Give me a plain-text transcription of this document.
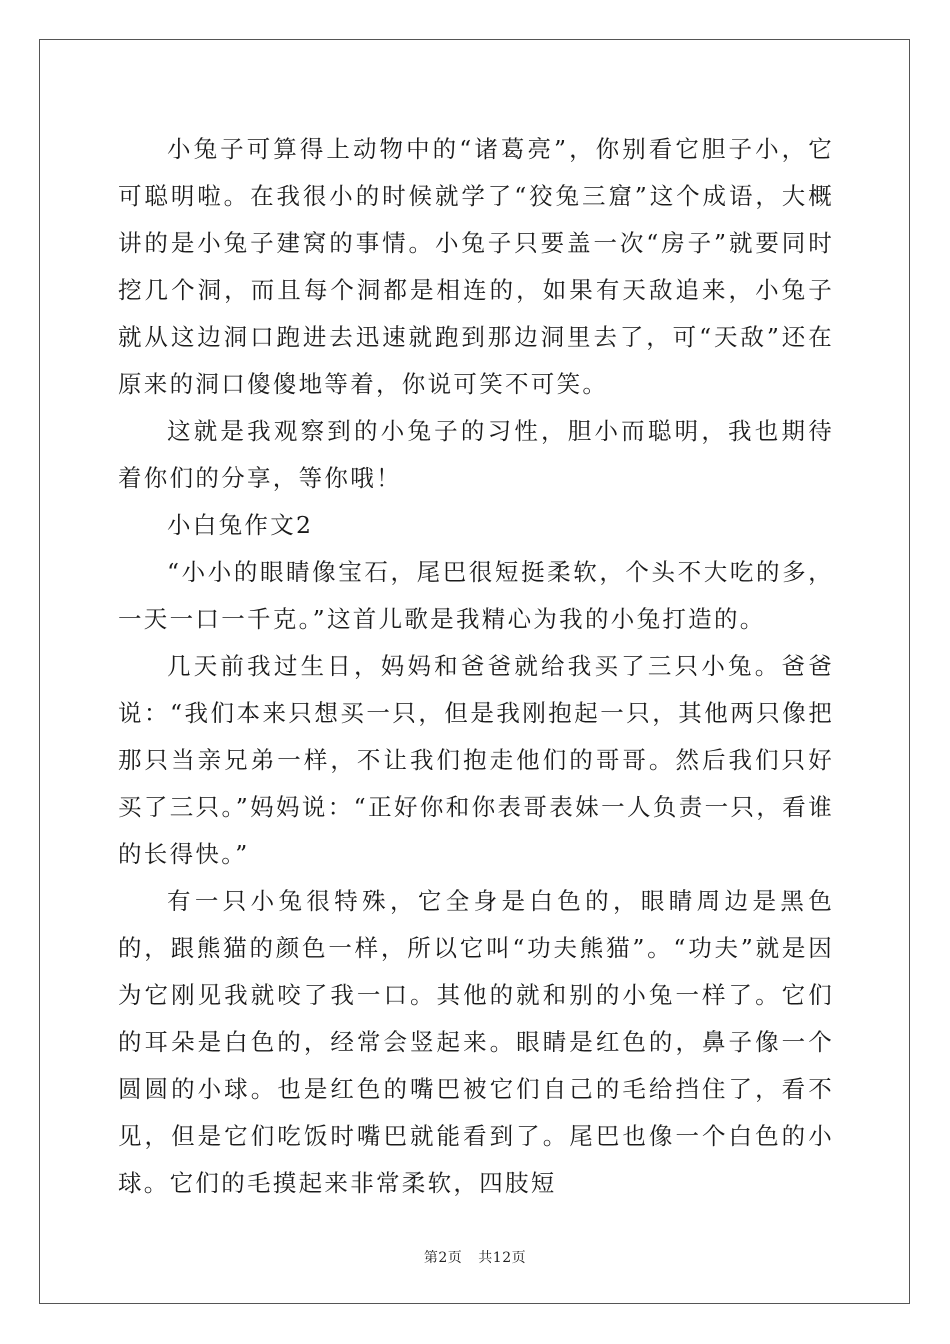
小兔子可算得上动物中的“诸葛亮”，你别看它胆子小，它可聪明啦。在我很小的时候就学了“狡兔三窟”这个成语，大概讲的是小兔子建窝的事情。小兔子只要盖一次“房子”就要同时挖几个洞，而且每个洞都是相连的，如果有天敌追来，小兔子就从这边洞口跑进去迅速就跑到那边洞里去了，可“天敌”还在原来的洞口傻傻地等着，你说可笑不可笑。

这就是我观察到的小兔子的习性，胆小而聪明，我也期待着你们的分享，等你哦！

小白兔作文2

“小小的眼睛像宝石，尾巴很短挺柔软，个头不大吃的多，一天一口一千克。”这首儿歌是我精心为我的小兔打造的。

几天前我过生日，妈妈和爸爸就给我买了三只小兔。爸爸说：“我们本来只想买一只，但是我刚抱起一只，其他两只像把那只当亲兄弟一样，不让我们抱走他们的哥哥。然后我们只好买了三只。”妈妈说：“正好你和你表哥表妹一人负责一只，看谁的长得快。”

有一只小兔很特殊，它全身是白色的，眼睛周边是黑色的，跟熊猫的颜色一样，所以它叫“功夫熊猫”。“功夫”就是因为它刚见我就咬了我一口。其他的就和别的小兔一样了。它们的耳朵是白色的，经常会竖起来。眼睛是红色的，鼻子像一个圆圆的小球。也是红色的嘴巴被它们自己的毛给挡住了，看不见，但是它们吃饭时嘴巴就能看到了。尾巴也像一个白色的小球。它们的毛摸起来非常柔软，四肢短

第2页 共12页
